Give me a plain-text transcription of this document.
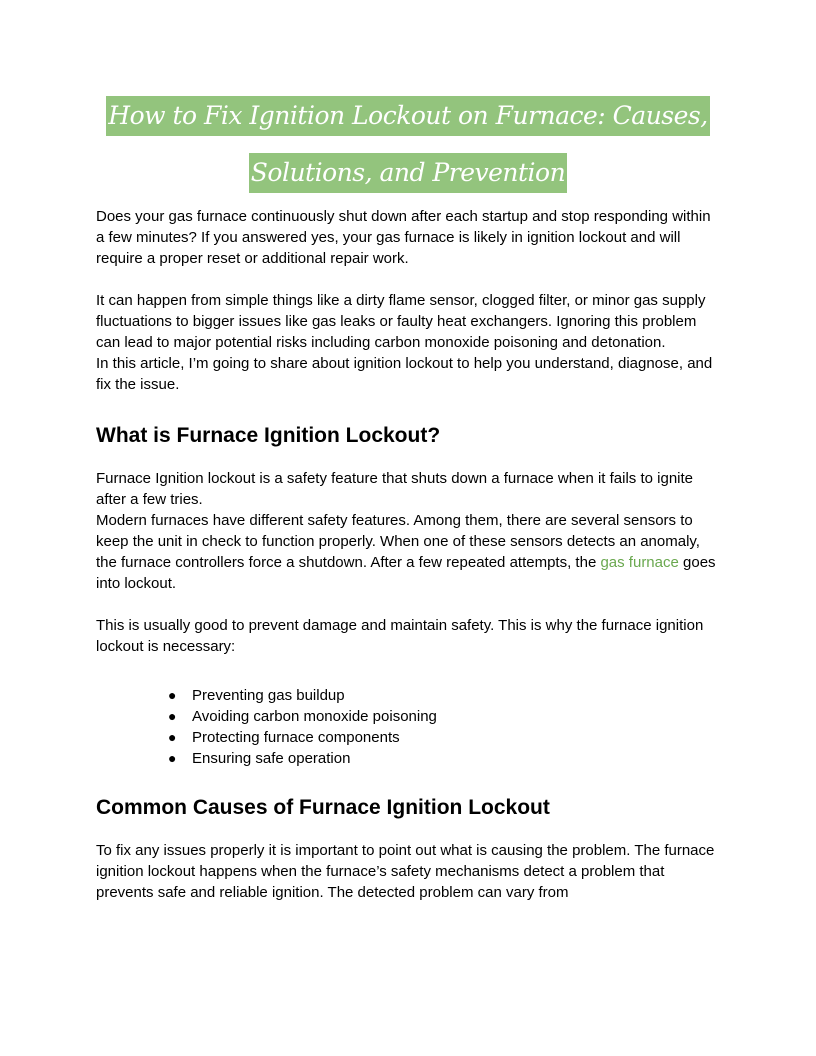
How to Fix Ignition Lockout on Furnace: Causes,
Solutions, and Prevention

Does your gas furnace continuously shut down after each startup and stop responding within a few minutes? If you answered yes, your gas furnace is likely in ignition lockout and will require a proper reset or additional repair work.

It can happen from simple things like a dirty flame sensor, clogged filter, or minor gas supply fluctuations to bigger issues like gas leaks or faulty heat exchangers. Ignoring this problem can lead to major potential risks including carbon monoxide poisoning and detonation.
In this article, I’m going to share about ignition lockout to help you understand, diagnose, and fix the issue.

What is Furnace Ignition Lockout?

Furnace Ignition lockout is a safety feature that shuts down a furnace when it fails to ignite after a few tries.
Modern furnaces have different safety features. Among them, there are several sensors to keep the unit in check to function properly. When one of these sensors detects an anomaly, the furnace controllers force a shutdown. After a few repeated attempts, the gas furnace goes into lockout.

This is usually good to prevent damage and maintain safety. This is why the furnace ignition lockout is necessary:

● Preventing gas buildup
● Avoiding carbon monoxide poisoning
● Protecting furnace components
● Ensuring safe operation
Common Causes of Furnace Ignition Lockout

To fix any issues properly it is important to point out what is causing the problem. The furnace ignition lockout happens when the furnace’s safety mechanisms detect a problem that prevents safe and reliable ignition. The detected problem can vary from
